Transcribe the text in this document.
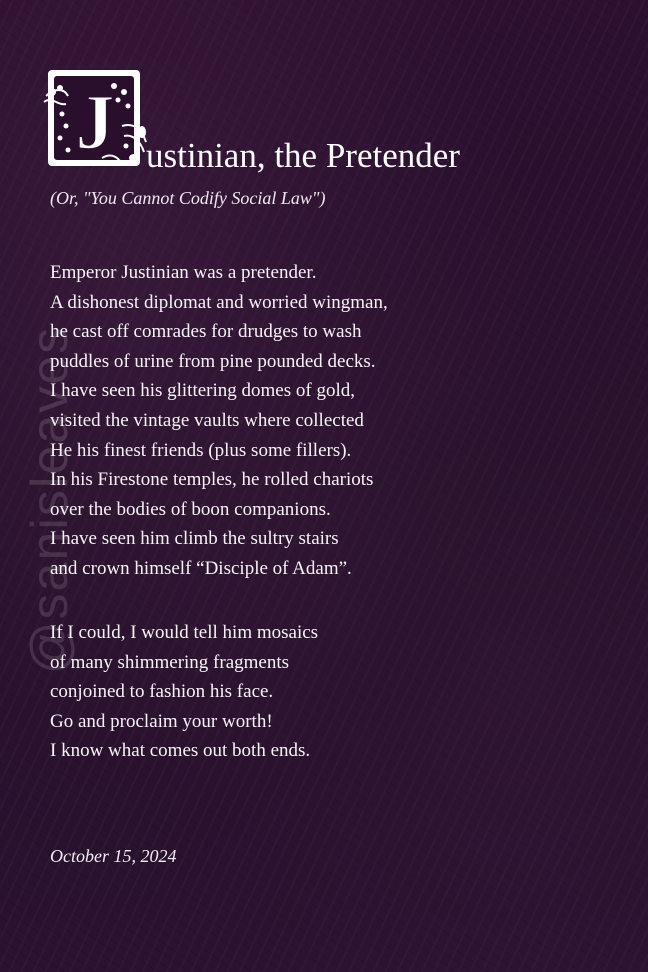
@sanisleaves
J ustinian, the Pretender
(Or, "You Cannot Codify Social Law")
Emperor Justinian was a pretender.
A dishonest diplomat and worried wingman,
he cast off comrades for drudges to wash
puddles of urine from pine pounded decks.
I have seen his glittering domes of gold,
visited the vintage vaults where collected
He his finest friends (plus some fillers).
In his Firestone temples, he rolled chariots
over the bodies of boon companions.
I have seen him climb the sultry stairs
and crown himself “Disciple of Adam”.
If I could, I would tell him mosaics
of many shimmering fragments
conjoined to fashion his face.
Go and proclaim your worth!
I know what comes out both ends.
October 15, 2024
